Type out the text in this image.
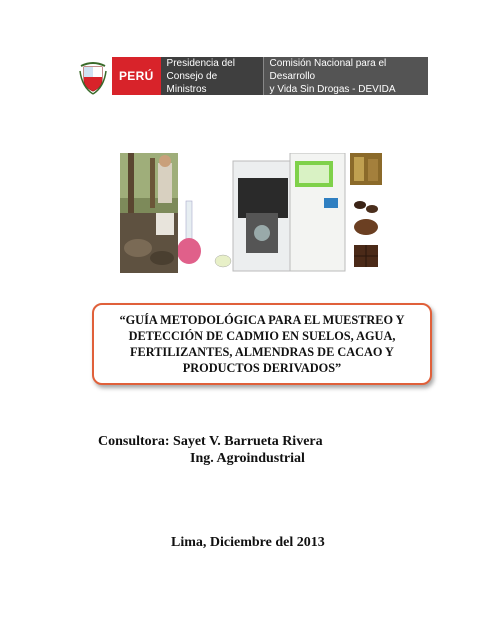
PERÚ
Presidencia del
Consejo de Ministros
Comisión Nacional para el Desarrollo
y Vida Sin Drogas - DEVIDA
“GUÍA METODOLÓGICA PARA EL MUESTREO Y
DETECCIÓN DE CADMIO EN SUELOS, AGUA,
FERTILIZANTES, ALMENDRAS DE CACAO Y
PRODUCTOS DERIVADOS”
Consultora: Sayet V. Barrueta Rivera
Ing. Agroindustrial
Lima, Diciembre del 2013
